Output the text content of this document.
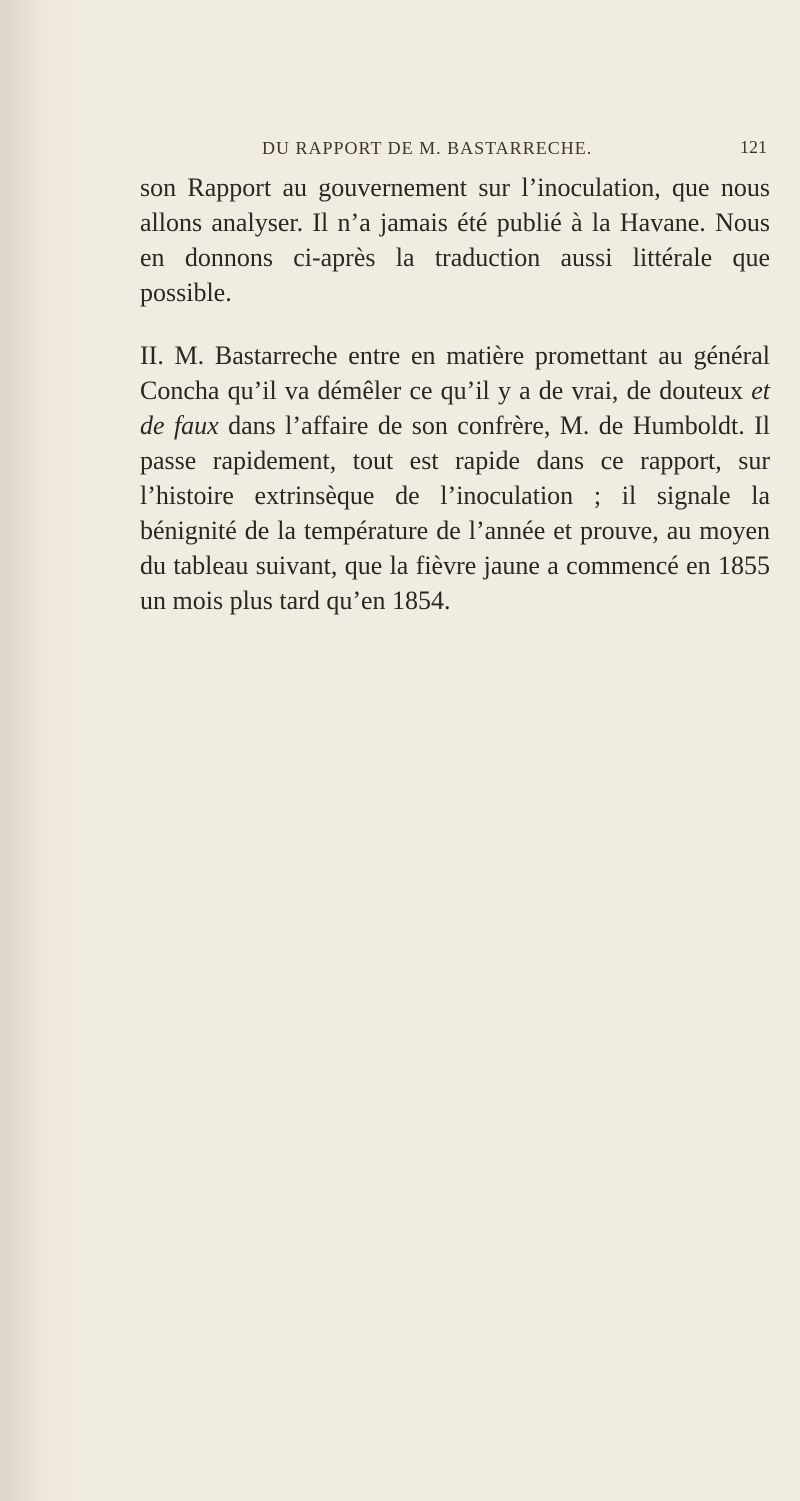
DU RAPPORT DE M. BASTARRECHE.	121

son Rapport au gouvernement sur l’inoculation, que nous allons analyser. Il n’a jamais été publié à la Havane. Nous en donnons ci-après la traduction aussi littérale que possible.

II. M. Bastarreche entre en matière promettant au général Concha qu’il va démêler ce qu’il y a de vrai, de douteux et de faux dans l’affaire de son confrère, M. de Humboldt. Il passe rapidement, tout est rapide dans ce rapport, sur l’histoire extrinsèque de l’inoculation ; il signale la bénignité de la température de l’année et prouve, au moyen du tableau suivant, que la fièvre jaune a commencé en 1855 un mois plus tard qu’en 1854.
